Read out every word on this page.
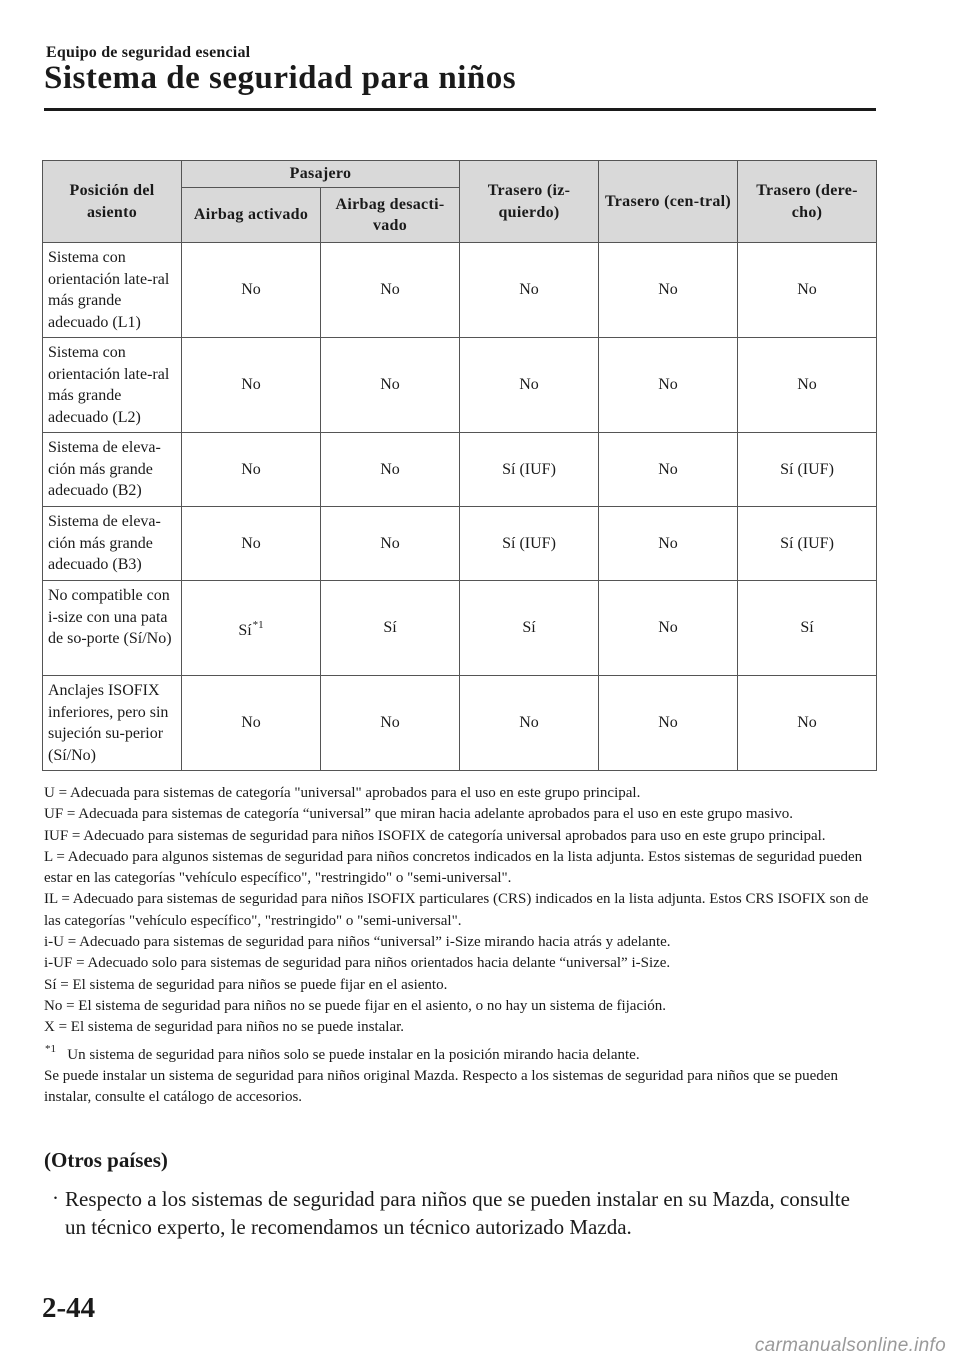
Equipo de seguridad esencial
Sistema de seguridad para niños
Posición del asiento	Pasajero		Trasero (iz-quierdo)	Trasero (cen-tral)	Trasero (dere-cho)
	Airbag activado	Airbag desacti-vado			
Sistema con orientación late-ral más grande adecuado (L1)	No	No	No	No	No
Sistema con orientación late-ral más grande adecuado (L2)	No	No	No	No	No
Sistema de eleva-ción más grande adecuado (B2)	No	No	Sí (IUF)	No	Sí (IUF)
Sistema de eleva-ción más grande adecuado (B3)	No	No	Sí (IUF)	No	Sí (IUF)
No compatible con i-size con una pata de so-porte (Sí/No)	Sí$^{*1}$	Sí	Sí	No	Sí
Anclajes ISOFIX inferiores, pero sin sujeción su-perior (Sí/No)	No	No	No	No	No

U = Adecuada para sistemas de categoría "universal" aprobados para el uso en este grupo principal.

UF = Adecuada para sistemas de categoría “universal” que miran hacia adelante aprobados para el uso en este grupo masivo.

IUF = Adecuado para sistemas de seguridad para niños ISOFIX de categoría universal aprobados para uso en este grupo principal.

L = Adecuado para algunos sistemas de seguridad para niños concretos indicados en la lista adjunta. Estos sistemas de seguridad pueden estar en las categorías "vehículo específico", "restringido" o "semi-universal".

IL = Adecuado para sistemas de seguridad para niños ISOFIX particulares (CRS) indicados en la lista adjunta. Estos CRS ISOFIX son de las categorías "vehículo específico", "restringido" o "semi-universal".

i-U = Adecuado para sistemas de seguridad para niños “universal” i-Size mirando hacia atrás y adelante.

i-UF = Adecuado solo para sistemas de seguridad para niños orientados hacia delante “universal” i-Size.

Sí = El sistema de seguridad para niños se puede fijar en el asiento.

No = El sistema de seguridad para niños no se puede fijar en el asiento, o no hay un sistema de fijación.

X = El sistema de seguridad para niños no se puede instalar.

$^{*1}$ Un sistema de seguridad para niños solo se puede instalar en la posición mirando hacia delante.

Se puede instalar un sistema de seguridad para niños original Mazda. Respecto a los sistemas de seguridad para niños que se pueden instalar, consulte el catálogo de accesorios.

(Otros países)
· Respecto a los sistemas de seguridad para niños que se pueden instalar en su Mazda, consulte un técnico experto, le recomendamos un técnico autorizado Mazda.
2-44
carmanualsonline.info
